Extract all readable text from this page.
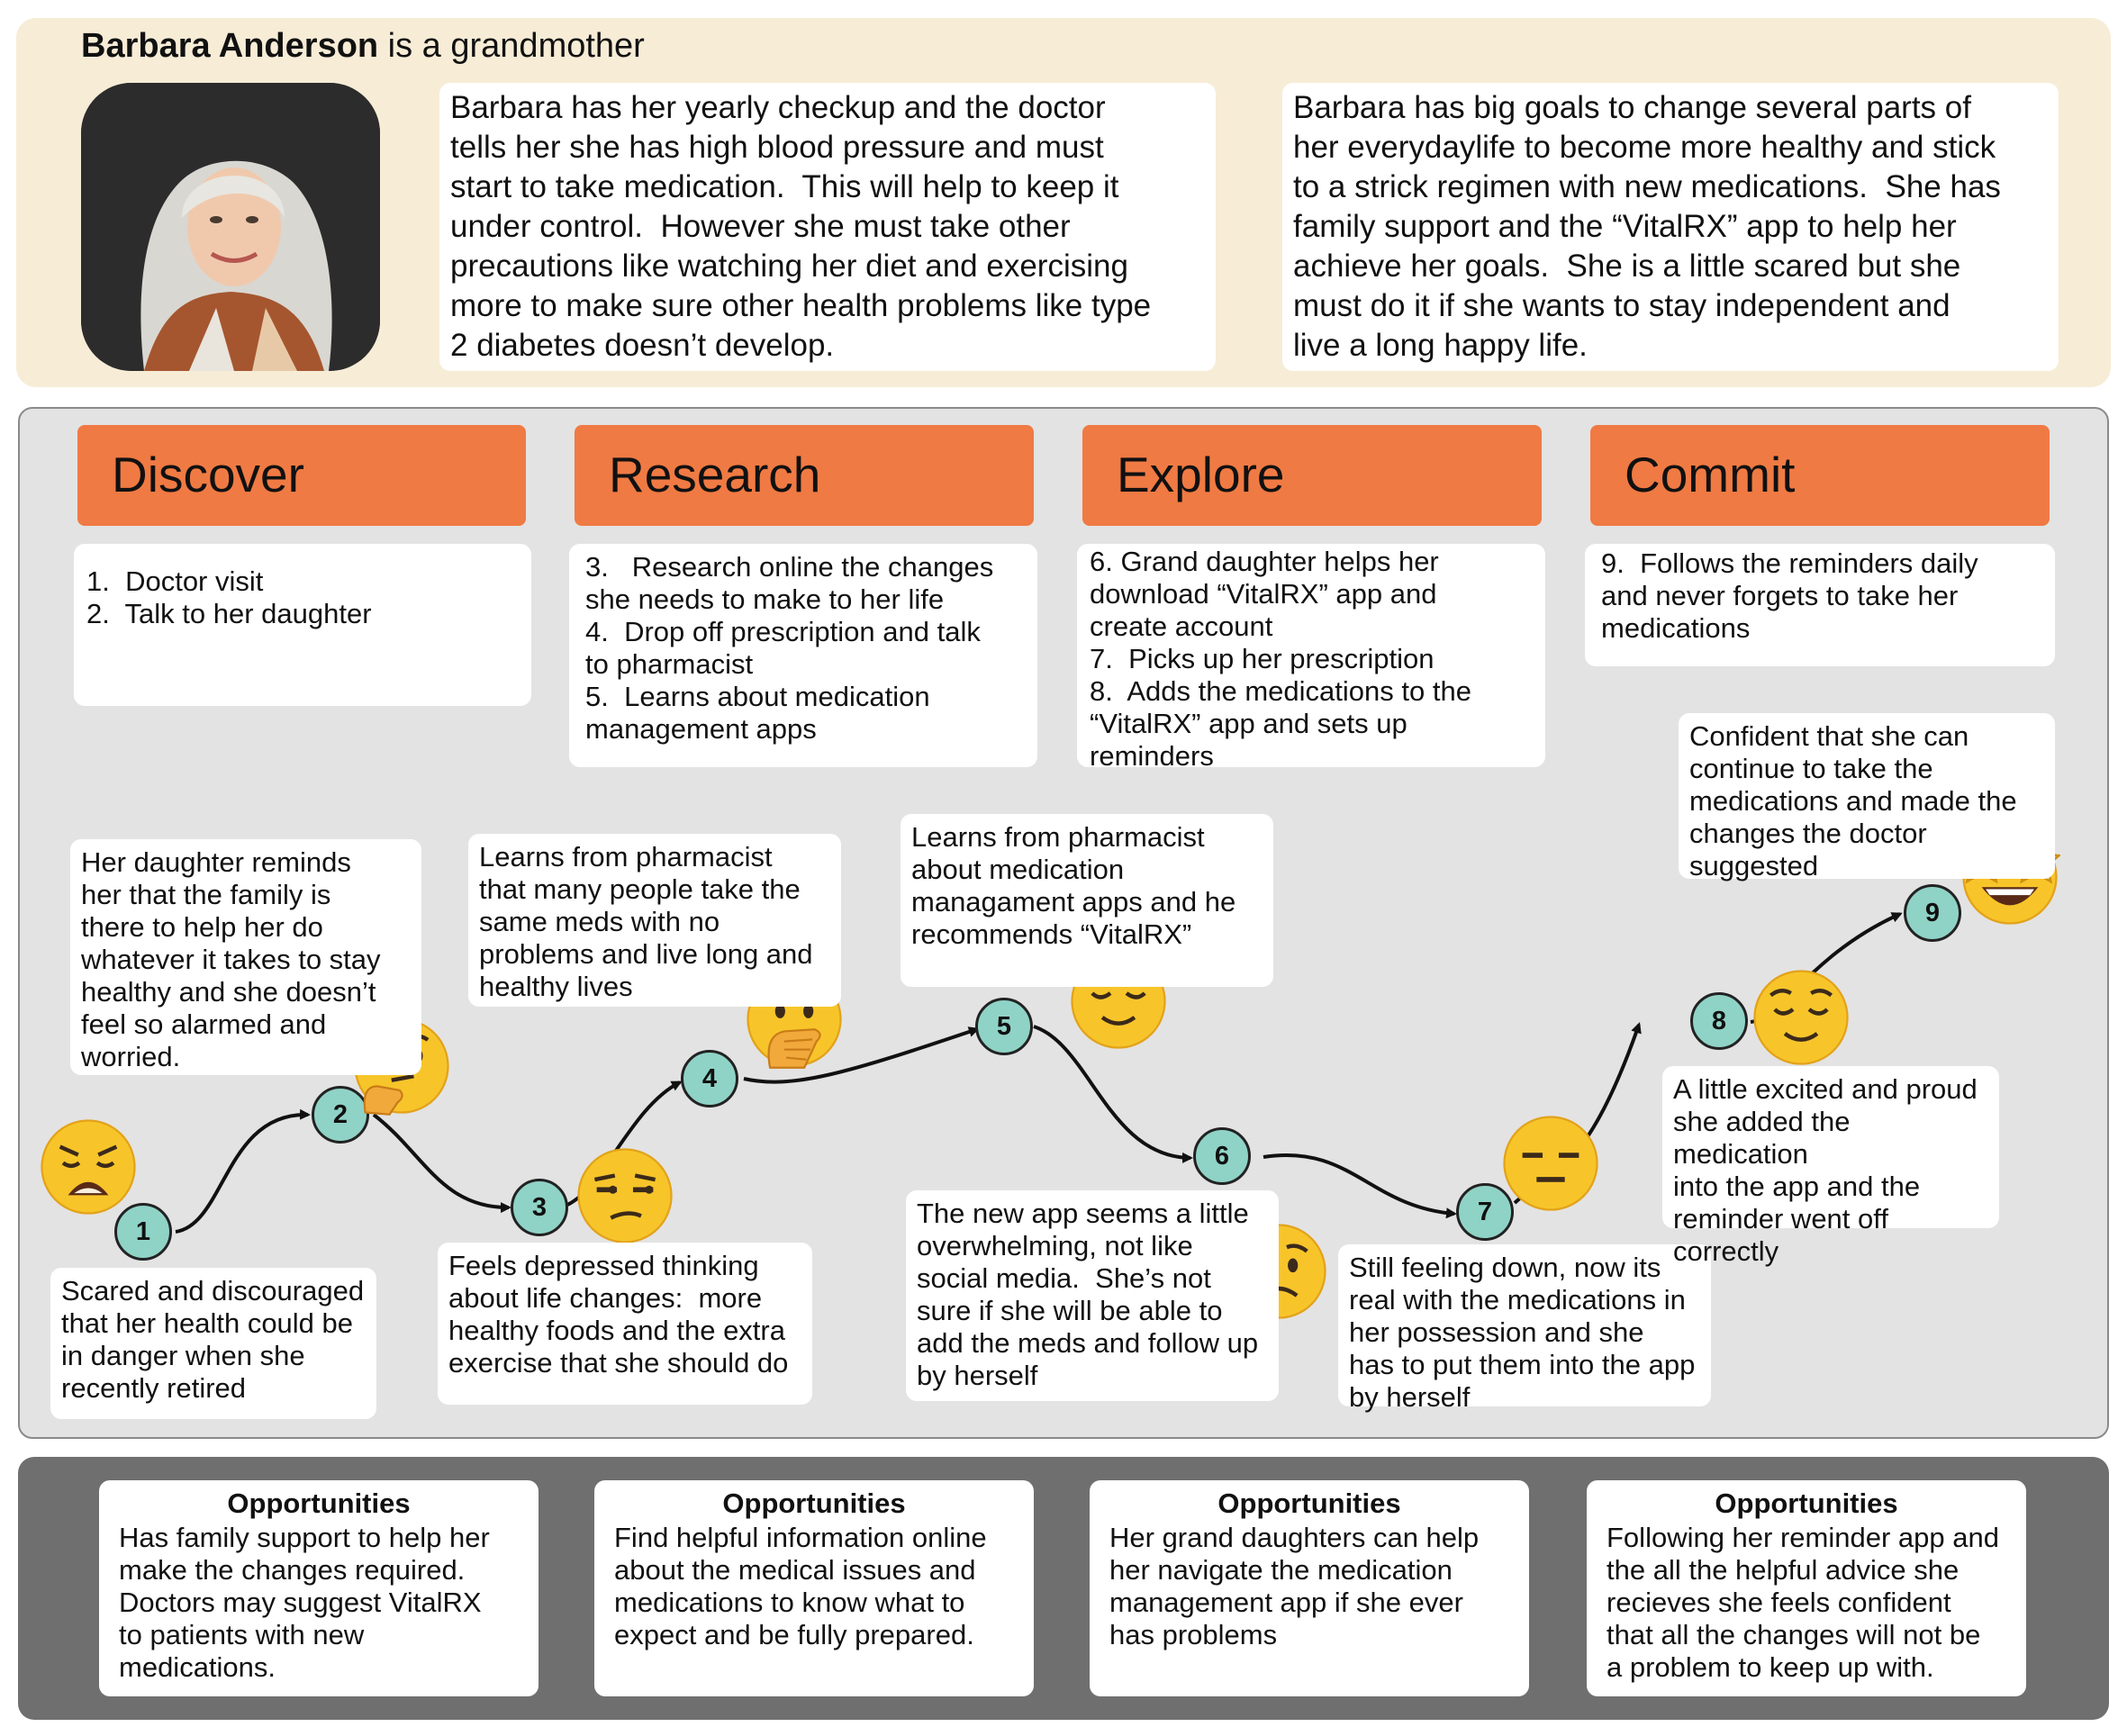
Barbara Anderson is a grandmother
Barbara has her yearly checkup and the doctor
tells her she has high blood pressure and must
start to take medication.  This will help to keep it
under control.  However she must take other
precautions like watching her diet and exercising
more to make sure other health problems like type
2 diabetes doesn’t develop.
Barbara has big goals to change several parts of
her everydaylife to become more healthy and stick
to a strick regimen with new medications.  She has
family support and the “VitalRX” app to help her
achieve her goals.  She is a little scared but she
must do it if she wants to stay independent and
live a long happy life.
Discover	Research	Explore	Commit
1.  Doctor visit
2.  Talk to her daughter
3.   Research online the changes
she needs to make to her life
4.  Drop off prescription and talk
to pharmacist
5.  Learns about medication
management apps
6. Grand daughter helps her
download “VitalRX” app and
create account
7.  Picks up her prescription
8.  Adds the medications to the
“VitalRX” app and sets up
reminders
9.  Follows the reminders daily
and never forgets to take her
medications
1
2
3
4
5
6
7
8
9
Scared and discouraged
that her health could be
in danger when she
recently retired
Her daughter reminds
her that the family is
there to help her do
whatever it takes to stay
healthy and she doesn’t
feel so alarmed and
worried.
Feels depressed thinking
about life changes:  more
healthy foods and the extra
exercise that she should do
Learns from pharmacist
that many people take the
same meds with no
problems and live long and
healthy lives
Learns from pharmacist
about medication
managament apps and he
recommends “VitalRX”
The new app seems a little
overwhelming, not like
social media.  She’s not
sure if she will be able to
add the meds and follow up
by herself
Still feeling down, now its
real with the medications in
her possession and she
has to put them into the app
by herself
A little excited and proud
she added the medication
into the app and the
reminder went off correctly
Confident that she can
continue to take the
medications and made the
changes the doctor
suggested
Opportunities
Has family support to help her
make the changes required.
Doctors may suggest VitalRX
to patients with new
medications.
Opportunities
Find helpful information online
about the medical issues and
medications to know what to
expect and be fully prepared.
Opportunities
Her grand daughters can help
her navigate the medication
management app if she ever
has problems
Opportunities
Following her reminder app and
the all the helpful advice she
recieves she feels confident
that all the changes will not be
a problem to keep up with.
